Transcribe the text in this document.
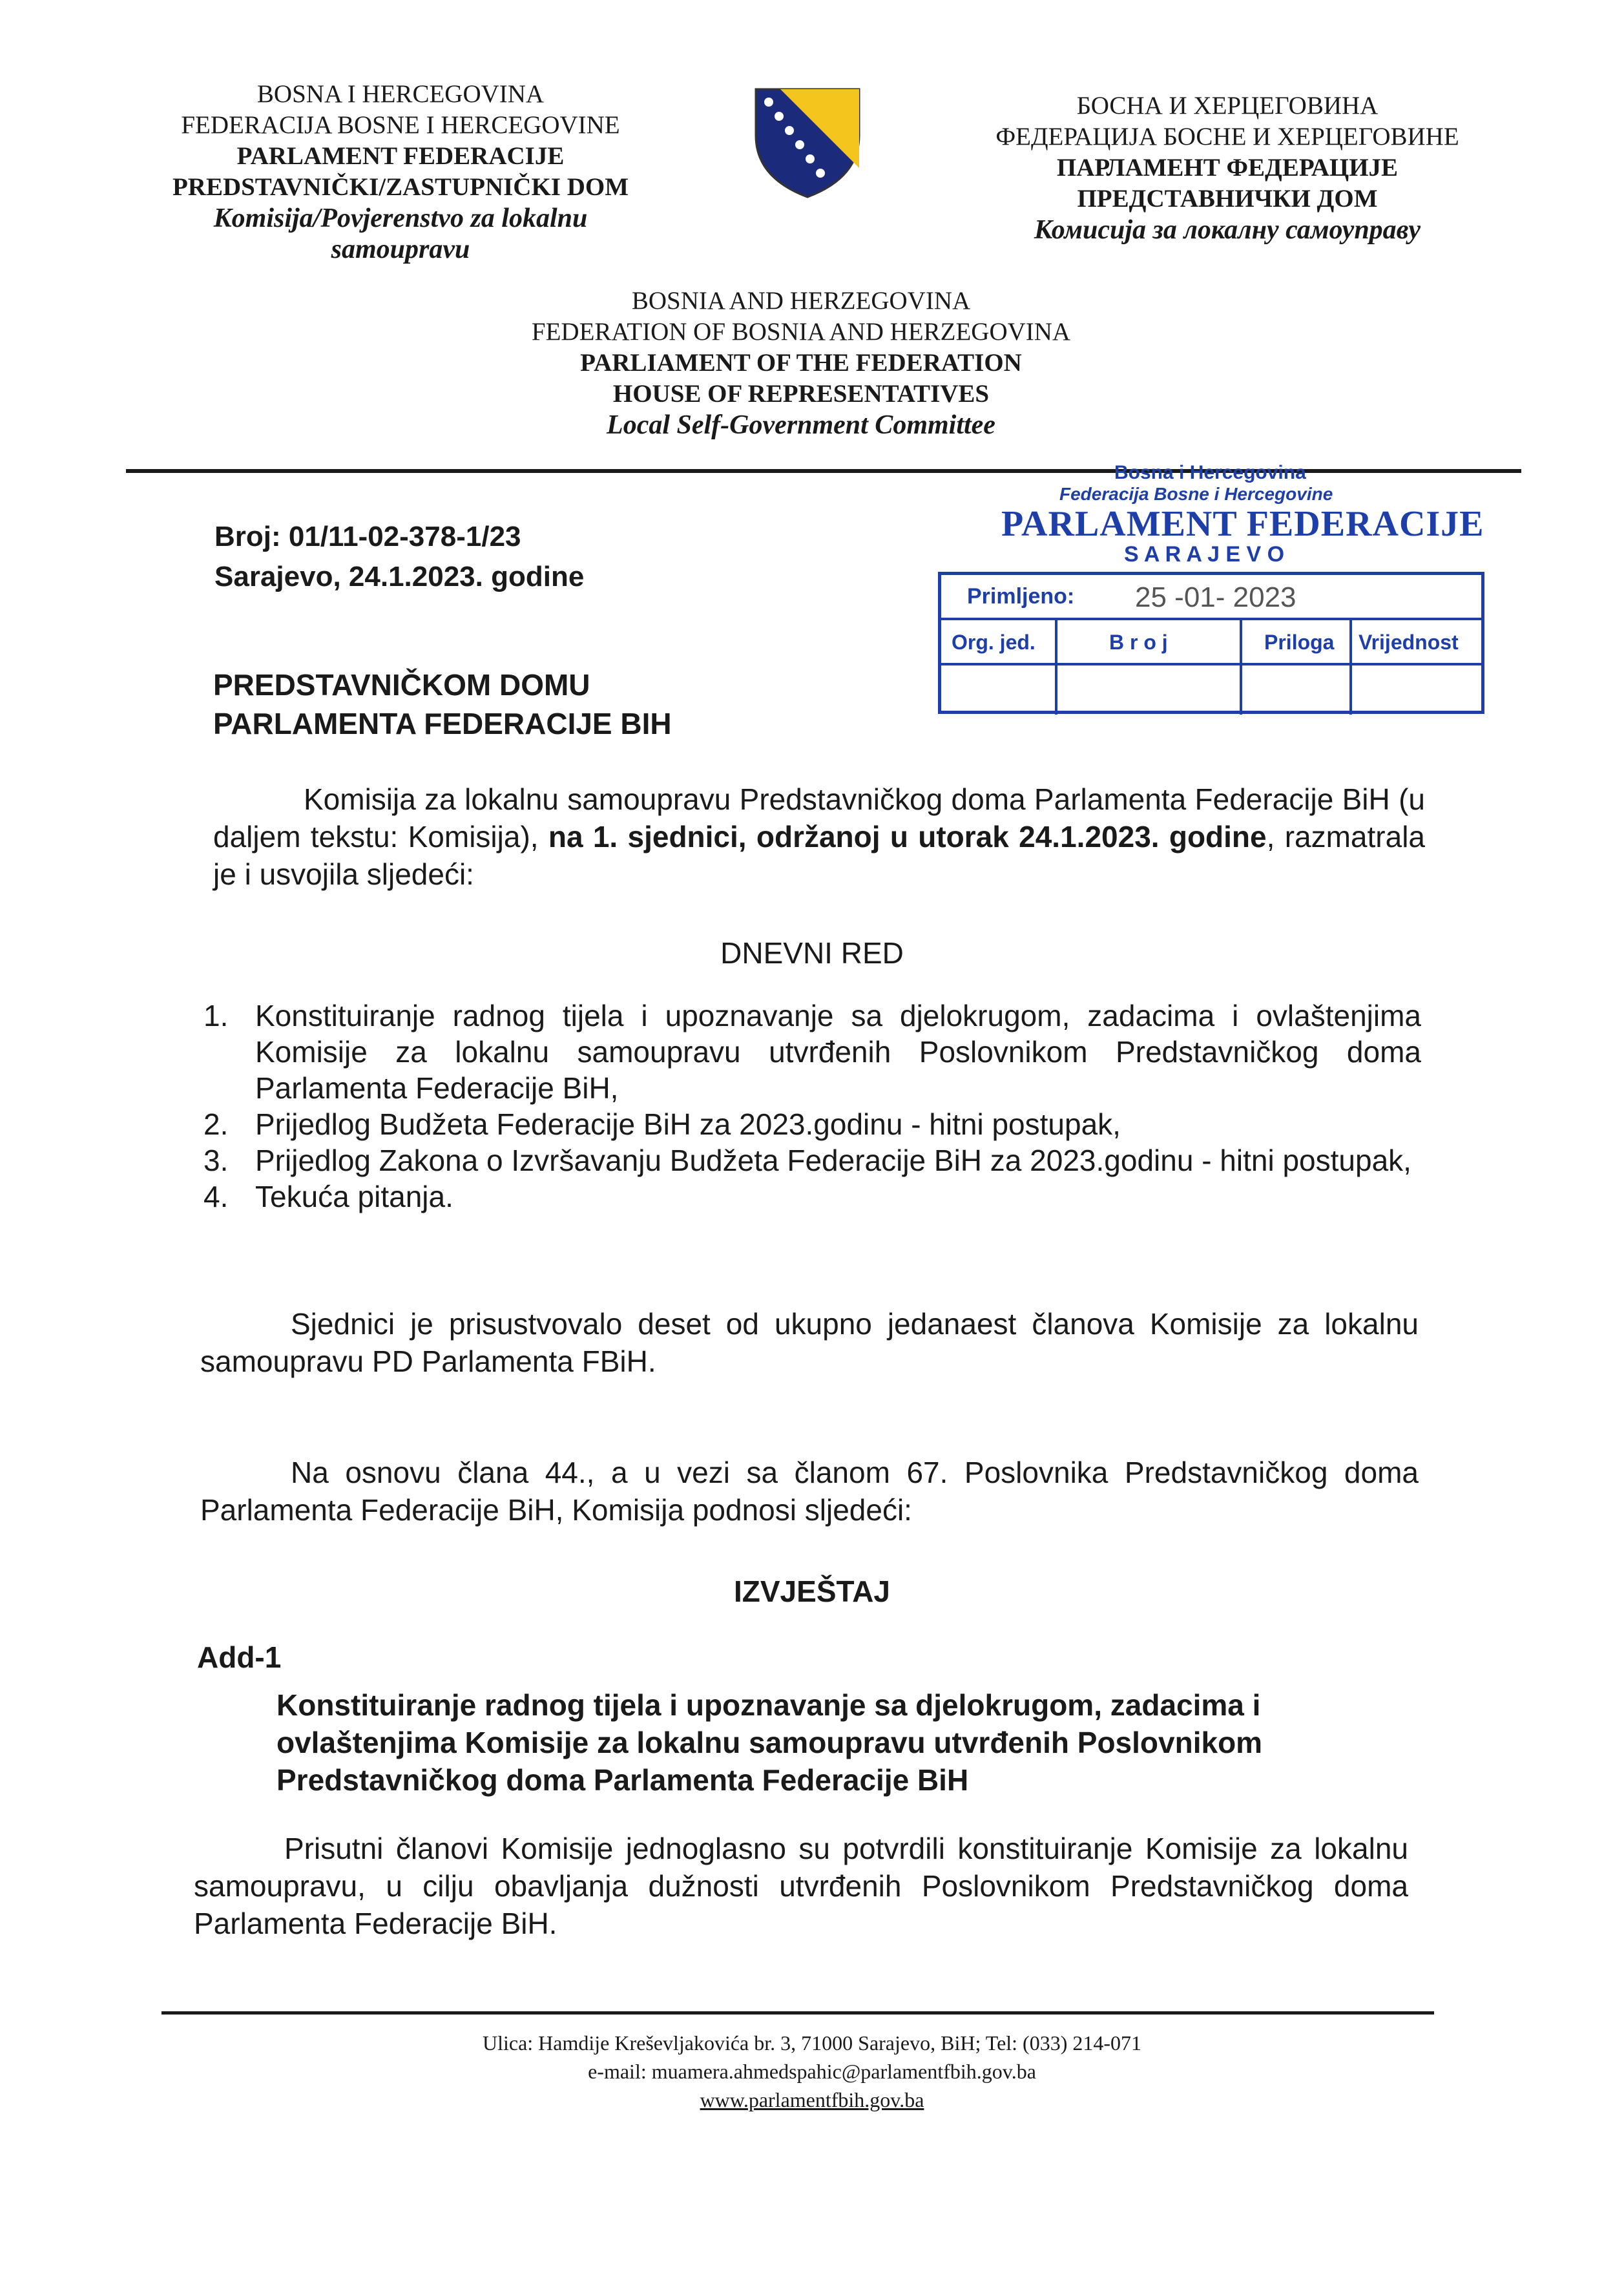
BOSNA I HERCEGOVINA
FEDERACIJA BOSNE I HERCEGOVINE
PARLAMENT FEDERACIJE
PREDSTAVNIČKI/ZASTUPNIČKI DOM
Komisija/Povjerenstvo za lokalnu
samoupravu
БОСНА И ХЕРЦЕГОВИНА
ФЕДЕРАЦИЈА БОСНЕ И ХЕРЦЕГОВИНЕ
ПАРЛАМЕНТ ФЕДЕРАЦИЈЕ
ПРЕДСТАВНИЧКИ ДОМ
Комисија за локалну самоуправу
BOSNIA AND HERZEGOVINA
FEDERATION OF BOSNIA AND HERZEGOVINA
PARLIAMENT OF THE FEDERATION
HOUSE OF REPRESENTATIVES
Local Self-Government Committee
Broj: 01/11-02-378-1/23
Sarajevo, 24.1.2023. godine
Bosna i Hercegovina
Federacija Bosne i Hercegovine
PARLAMENT FEDERACIJE
S A R A J E V O
Primljeno: 25 -01- 2023
Org. jed.	B r o j	Priloga Vrijednost
PREDSTAVNIČKOM DOMU
PARLAMENTA FEDERACIJE BIH
Komisija za lokalnu samoupravu Predstavničkog doma Parlamenta Federacije BiH (u daljem tekstu: Komisija), na 1. sjednici, održanoj u utorak 24.1.2023. godine, razmatrala je i usvojila sljedeći:
DNEVNI RED
1. Konstituiranje radnog tijela i upoznavanje sa djelokrugom, zadacima i ovlaštenjima Komisije za lokalnu samoupravu utvrđenih Poslovnikom Predstavničkog doma Parlamenta Federacije BiH,
2. Prijedlog Budžeta Federacije BiH za 2023.godinu - hitni postupak,
3. Prijedlog Zakona o Izvršavanju Budžeta Federacije BiH za 2023.godinu - hitni postupak,
4. Tekuća pitanja.
Sjednici je prisustvovalo deset od ukupno jedanaest članova Komisije za lokalnu samoupravu PD Parlamenta FBiH.
Na osnovu člana 44., a u vezi sa članom 67. Poslovnika Predstavničkog doma Parlamenta Federacije BiH, Komisija podnosi sljedeći:
IZVJEŠTAJ
Add-1
Konstituiranje radnog tijela i upoznavanje sa djelokrugom, zadacima i ovlaštenjima Komisije za lokalnu samoupravu utvrđenih Poslovnikom Predstavničkog doma Parlamenta Federacije BiH
Prisutni članovi Komisije jednoglasno su potvrdili konstituiranje Komisije za lokalnu samoupravu, u cilju obavljanja dužnosti utvrđenih Poslovnikom Predstavničkog doma Parlamenta Federacije BiH.
Ulica: Hamdije Kreševljakovića br. 3, 71000 Sarajevo, BiH; Tel: (033) 214-071
e-mail: muamera.ahmedspahic@parlamentfbih.gov.ba
www.parlamentfbih.gov.ba
